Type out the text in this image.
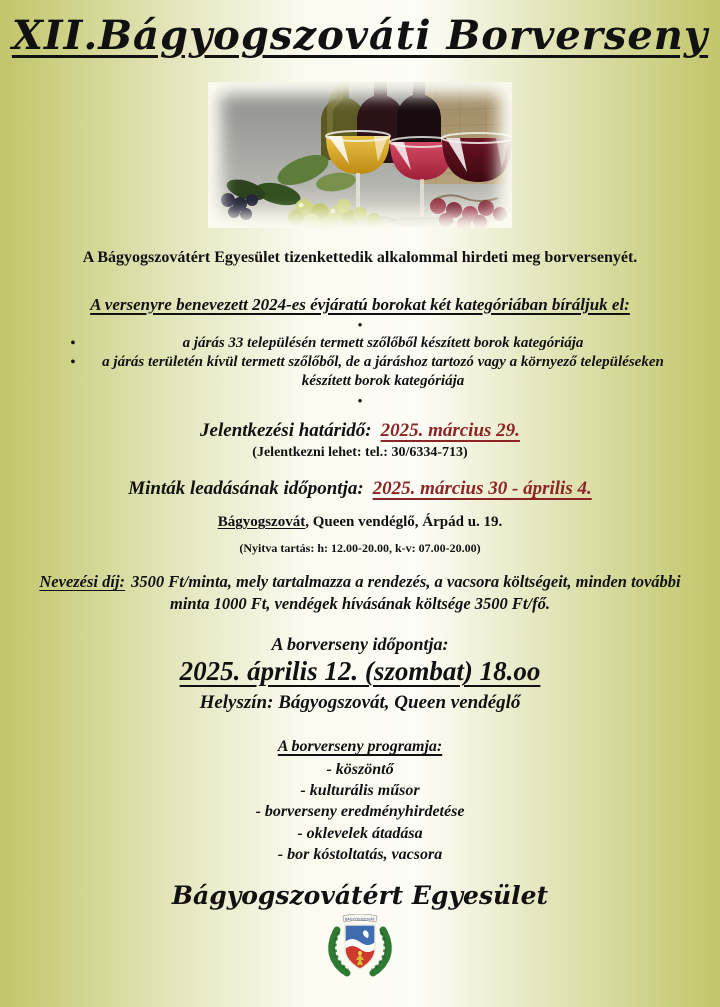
XII.Bágyogszováti Borverseny
A Bágyogszovátért Egyesület tizenkettedik alkalommal hirdeti meg borversenyét.
A versenyre benevezett 2024-es évjáratú borokat két kategóriában bíráljuk el:
•
•	a járás 33 településén termett szőlőből készített borok kategóriája
•	a járás területén kívül termett szőlőből, de a járáshoz tartozó vagy a környező településeken készített borok kategóriája
•
Jelentkezési határidő: 2025. március 29.
(Jelentkezni lehet: tel.: 30/6334-713)
Minták leadásának időpontja: 2025. március 30 - április 4.
Bágyogszovát, Queen vendéglő, Árpád u. 19.
(Nyitva tartás: h: 12.00-20.00, k-v: 07.00-20.00)
Nevezési díj: 3500 Ft/minta, mely tartalmazza a rendezés, a vacsora költségeit, minden további minta 1000 Ft, vendégek hívásának költsége 3500 Ft/fő.
A borverseny időpontja:
2025. április 12. (szombat) 18.oo
Helyszín: Bágyogszovát, Queen vendéglő
A borverseny programja:
- köszöntő
- kulturális műsor
- borverseny eredményhirdetése
- oklevelek átadása
- bor kóstoltatás, vacsora
Bágyogszovátért Egyesület
BÁGYOGSZOVÁT
